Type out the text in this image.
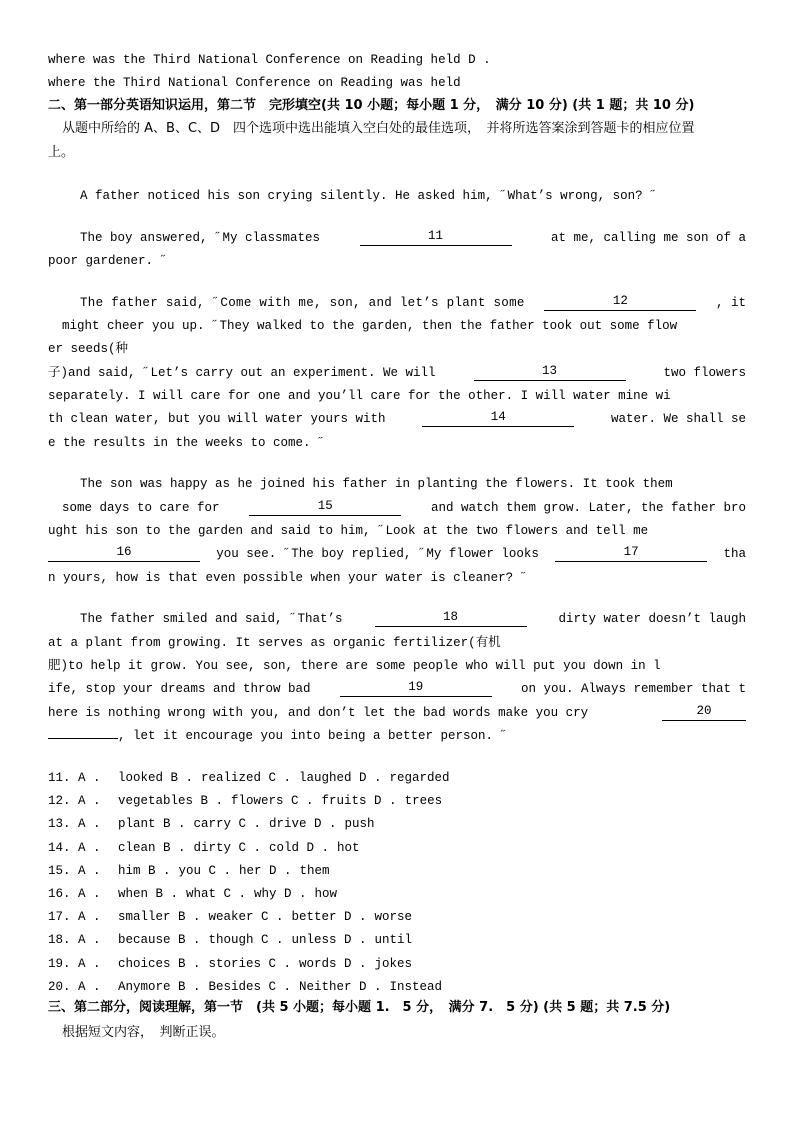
where was the Third National Conference on Reading held D .
where the Third National Conference on Reading was held
二、第一部分英语知识运用，第二节　完形填空(共 10 小题；每小题 1 分，　满分 10 分) (共 1 题；共 10 分)
从题中所给的 A、B、C、D　四个选项中选出能填入空白处的最佳选项，　并将所选答案涂到答题卡的相应位置
上。
A father noticed his son crying silently. He asked him, ˝What’s wrong, son? ˝
The boy answered, ˝My classmates	11	at me, calling me son of a
poor gardener. ˝
The father said, ˝Come with me, son, and let’s plant some	12	, it
might cheer you up. ˝They walked to the garden, then the father took out some flow
er seeds(种
子)and said, ˝Let’s carry out an experiment. We will	13	two flowers
separately. I will care for one and you’ll care for the other. I will water mine wi
th clean water, but you will water yours with	14	water. We shall se
e the results in the weeks to come. ˝
The son was happy as he joined his father in planting the flowers. It took them
some days to care for	15	and watch them grow. Later, the father bro
ught his son to the garden and said to him, ˝Look at the two flowers and tell me
16	you see. ˝The boy replied, ˝My flower looks	17	tha
n yours, how is that even possible when your water is cleaner? ˝
The father smiled and said, ˝That’s	18	dirty water doesn’t laugh
at a plant from growing. It serves as organic fertilizer(有机
肥)to help it grow. You see, son, there are some people who will put you down in l
ife, stop your dreams and throw bad	19	on you. Always remember that t
here is nothing wrong with you, and don’t let the bad words make you cry	20
, let it encourage you into being a better person. ˝
11. A . looked B . realized C . laughed D . regarded
12. A . vegetables B . flowers C . fruits D . trees
13. A . plant B . carry C . drive D . push
14. A . clean B . dirty C . cold D . hot
15. A . him B . you C . her D . them
16. A . when B . what C . why D . how
17. A . smaller B . weaker C . better D . worse
18. A . because B . though C . unless D . until
19. A . choices B . stories C . words D . jokes
20. A . Anymore B . Besides C . Neither D . Instead
三、第二部分，阅读理解，第一节　(共 5 小题；每小题 1.　5 分，　满分 7.　5 分) (共 5 题；共 7.5 分)
根据短文内容，　判断正误。
